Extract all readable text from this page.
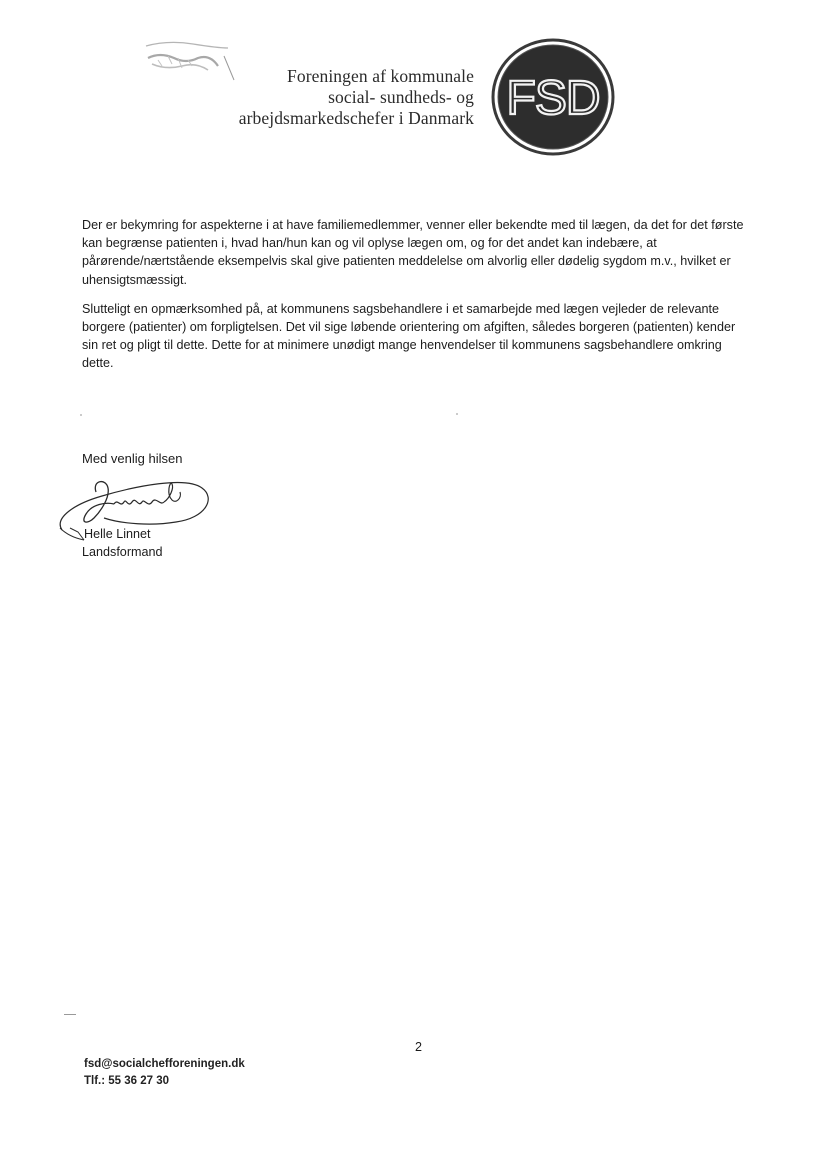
Foreningen af kommunale
social- sundheds- og
arbejdsmarkedschefer i Danmark FSD

Der er bekymring for aspekterne i at have familiemedlemmer, venner eller bekendte med til lægen, da det for det første kan begrænse patienten i, hvad han/hun kan og vil oplyse lægen om, og for det andet kan indebære, at pårørende/nærtstående eksempelvis skal give patienten meddelelse om alvorlig eller dødelig sygdom m.v., hvilket er uhensigtsmæssigt.

Slutteligt en opmærksomhed på, at kommunens sagsbehandlere i et samarbejde med lægen vejleder de relevante borgere (patienter) om forpligtelsen. Det vil sige løbende orientering om afgiften, således borgeren (patienten) kender sin ret og pligt til dette. Dette for at minimere unødigt mange henvendelser til kommunens sagsbehandlere omkring dette.

Med venlig hilsen
Helle Linnet
Landsformand
2
fsd@socialchefforeningen.dk
Tlf.: 55 36 27 30
